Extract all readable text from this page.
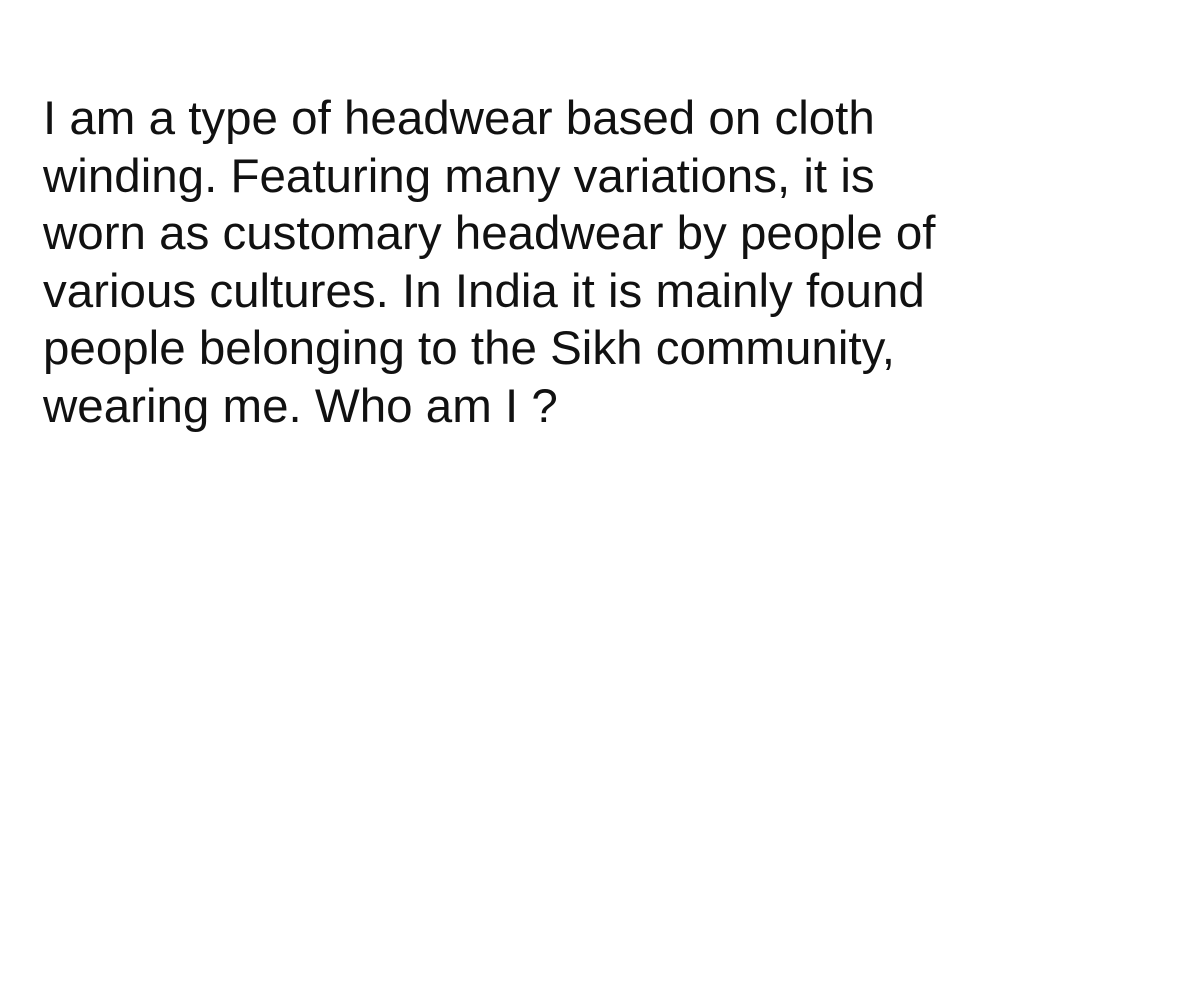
I am a type of headwear based on cloth
winding. Featuring many variations, it is
worn as customary headwear by people of
various cultures. In India it is mainly found
people belonging to the Sikh community,
wearing me. Who am I ?
